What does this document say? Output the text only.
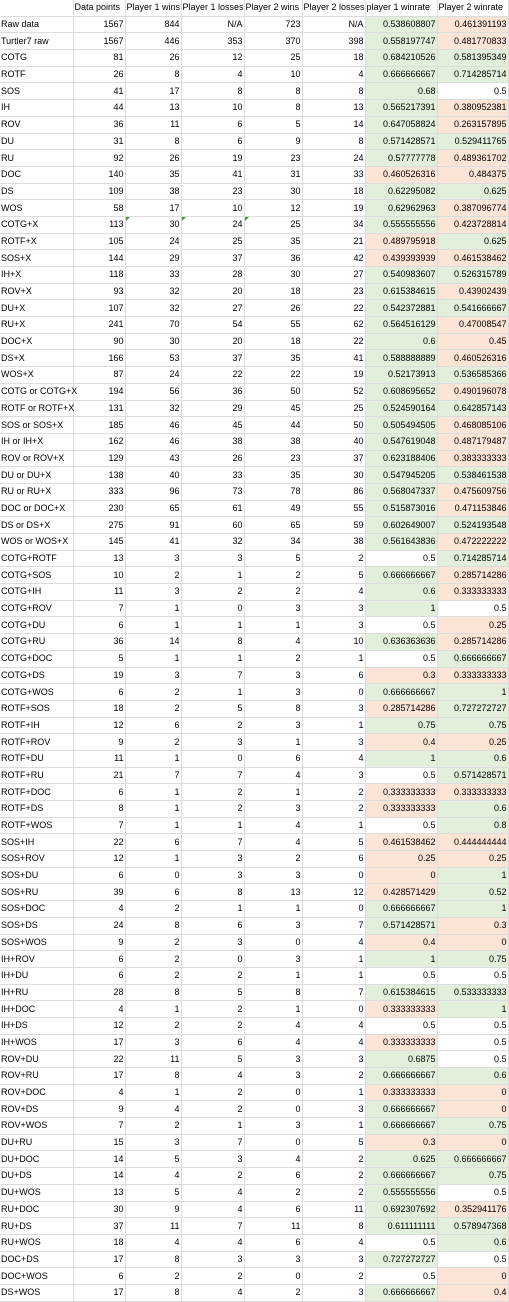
	Data points	Player 1 wins	Player 1 losses	Player 2 wins	Player 2 losses	player 1 winrate	Player 2 winrate
Raw data	1567	844	N/A	723	N/A	0.538608807	0.461391193
Turtler7 raw	1567	446	353	370	398	0.558197747	0.481770833
COTG	81	26	12	25	18	0.684210526	0.581395349
ROTF	26	8	4	10	4	0.666666667	0.714285714
SOS	41	17	8	8	8	0.68	0.5
IH	44	13	10	8	13	0.565217391	0.380952381
ROV	36	11	6	5	14	0.647058824	0.263157895
DU	31	8	6	9	8	0.571428571	0.529411765
RU	92	26	19	23	24	0.57777778	0.489361702
DOC	140	35	41	31	33	0.460526316	0.484375
DS	109	38	23	30	18	0.62295082	0.625
WOS	58	17	10	12	19	0.62962963	0.387096774
COTG+X	113	30	24	25	34	0.555555556	0.423728814
ROTF+X	105	24	25	35	21	0.489795918	0.625
SOS+X	144	29	37	36	42	0.439393939	0.461538462
IH+X	118	33	28	30	27	0.540983607	0.526315789
ROV+X	93	32	20	18	23	0.615384615	0.43902439
DU+X	107	32	27	26	22	0.542372881	0.541666667
RU+X	241	70	54	55	62	0.564516129	0.47008547
DOC+X	90	30	20	18	22	0.6	0.45
DS+X	166	53	37	35	41	0.588888889	0.460526316
WOS+X	87	24	22	22	19	0.52173913	0.536585366
COTG or COTG+X	194	56	36	50	52	0.608695652	0.490196078
ROTF or ROTF+X	131	32	29	45	25	0.524590164	0.642857143
SOS or SOS+X	185	46	45	44	50	0.505494505	0.468085106
IH or IH+X	162	46	38	38	40	0.547619048	0.487179487
ROV or ROV+X	129	43	26	23	37	0.623188406	0.383333333
DU or DU+X	138	40	33	35	30	0.547945205	0.538461538
RU or RU+X	333	96	73	78	86	0.568047337	0.475609756
DOC or DOC+X	230	65	61	49	55	0.515873016	0.471153846
DS or DS+X	275	91	60	65	59	0.602649007	0.524193548
WOS or WOS+X	145	41	32	34	38	0.561643836	0.472222222
COTG+ROTF	13	3	3	5	2	0.5	0.714285714
COTG+SOS	10	2	1	2	5	0.666666667	0.285714286
COTG+IH	11	3	2	2	4	0.6	0.333333333
COTG+ROV	7	1	0	3	3	1	0.5
COTG+DU	6	1	1	1	3	0.5	0.25
COTG+RU	36	14	8	4	10	0.636363636	0.285714286
COTG+DOC	5	1	1	2	1	0.5	0.666666667
COTG+DS	19	3	7	3	6	0.3	0.333333333
COTG+WOS	6	2	1	3	0	0.666666667	1
ROTF+SOS	18	2	5	8	3	0.285714286	0.727272727
ROTF+IH	12	6	2	3	1	0.75	0.75
ROTF+ROV	9	2	3	1	3	0.4	0.25
ROTF+DU	11	1	0	6	4	1	0.6
ROTF+RU	21	7	7	4	3	0.5	0.571428571
ROTF+DOC	6	1	2	1	2	0.333333333	0.333333333
ROTF+DS	8	1	2	3	2	0.333333333	0.6
ROTF+WOS	7	1	1	4	1	0.5	0.8
SOS+IH	22	6	7	4	5	0.461538462	0.444444444
SOS+ROV	12	1	3	2	6	0.25	0.25
SOS+DU	6	0	3	3	0	0	1
SOS+RU	39	6	8	13	12	0.428571429	0.52
SOS+DOC	4	2	1	1	0	0.666666667	1
SOS+DS	24	8	6	3	7	0.571428571	0.3
SOS+WOS	9	2	3	0	4	0.4	0
IH+ROV	6	2	0	3	1	1	0.75
IH+DU	6	2	2	1	1	0.5	0.5
IH+RU	28	8	5	8	7	0.615384615	0.533333333
IH+DOC	4	1	2	1	0	0.333333333	1
IH+DS	12	2	2	4	4	0.5	0.5
IH+WOS	17	3	6	4	4	0.333333333	0.5
ROV+DU	22	11	5	3	3	0.6875	0.5
ROV+RU	17	8	4	3	2	0.666666667	0.6
ROV+DOC	4	1	2	0	1	0.333333333	0
ROV+DS	9	4	2	0	3	0.666666667	0
ROV+WOS	7	2	1	3	1	0.666666667	0.75
DU+RU	15	3	7	0	5	0.3	0
DU+DOC	14	5	3	4	2	0.625	0.666666667
DU+DS	14	4	2	6	2	0.666666667	0.75
DU+WOS	13	5	4	2	2	0.555555556	0.5
RU+DOC	30	9	4	6	11	0.692307692	0.352941176
RU+DS	37	11	7	11	8	0.611111111	0.578947368
RU+WOS	18	4	4	6	4	0.5	0.6
DOC+DS	17	8	3	3	3	0.727272727	0.5
DOC+WOS	6	2	2	0	2	0.5	0
DS+WOS	17	8	4	2	3	0.666666667	0.4
